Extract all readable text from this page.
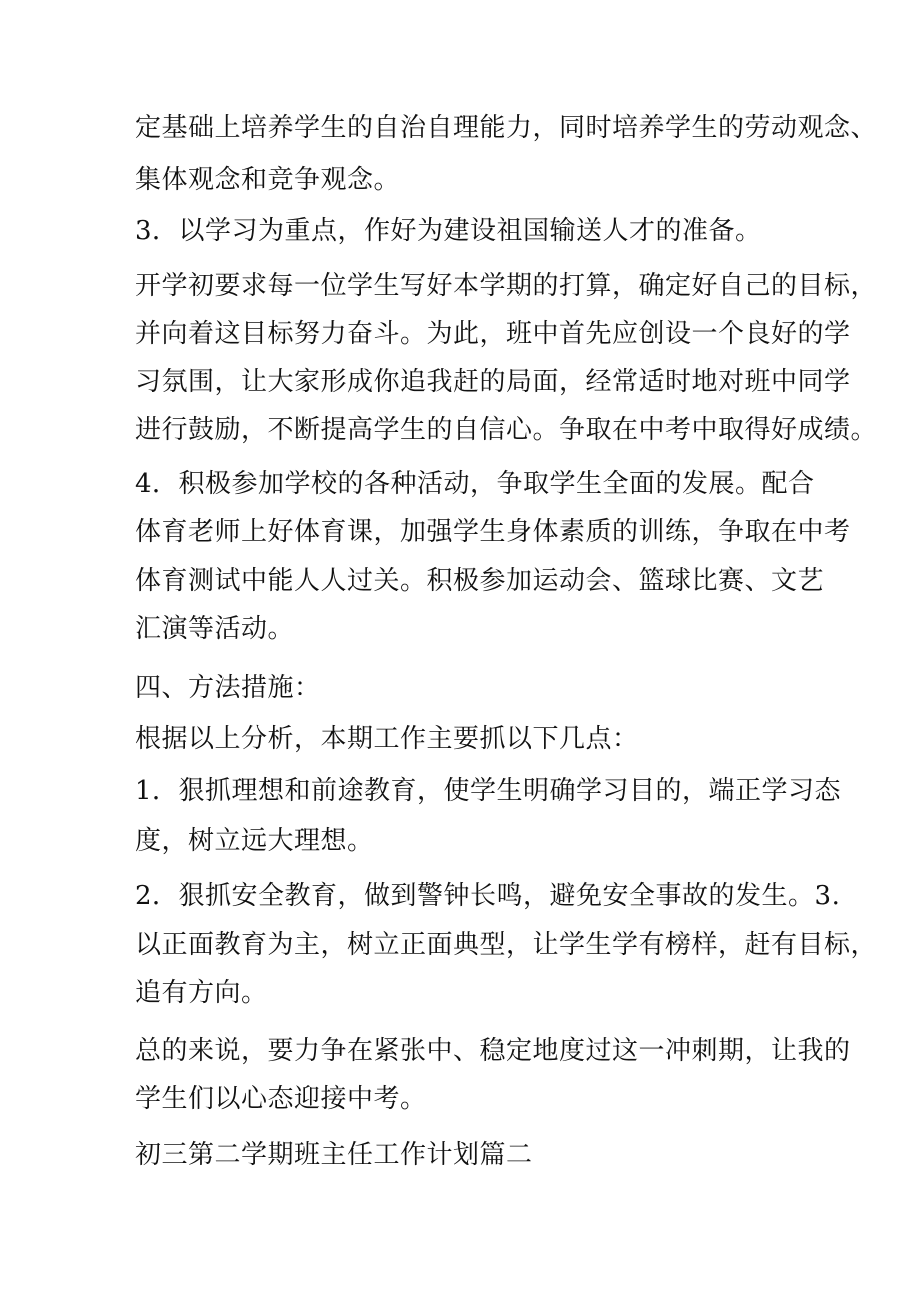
定基础上培养学生的自治自理能力，同时培养学生的劳动观念、
集体观念和竞争观念。
3．以学习为重点，作好为建设祖国输送人才的准备。
开学初要求每一位学生写好本学期的打算，确定好自己的目标，
并向着这目标努力奋斗。为此，班中首先应创设一个良好的学
习氛围，让大家形成你追我赶的局面，经常适时地对班中同学
进行鼓励，不断提高学生的自信心。争取在中考中取得好成绩。
4．积极参加学校的各种活动，争取学生全面的发展。配合
体育老师上好体育课，加强学生身体素质的训练，争取在中考
体育测试中能人人过关。积极参加运动会、篮球比赛、文艺
汇演等活动。
四、方法措施：
根据以上分析，本期工作主要抓以下几点：
1．狠抓理想和前途教育，使学生明确学习目的，端正学习态
度，树立远大理想。
2．狠抓安全教育，做到警钟长鸣，避免安全事故的发生。3.
以正面教育为主，树立正面典型，让学生学有榜样，赶有目标，
追有方向。
总的来说，要力争在紧张中、稳定地度过这一冲刺期，让我的
学生们以心态迎接中考。
初三第二学期班主任工作计划篇二
